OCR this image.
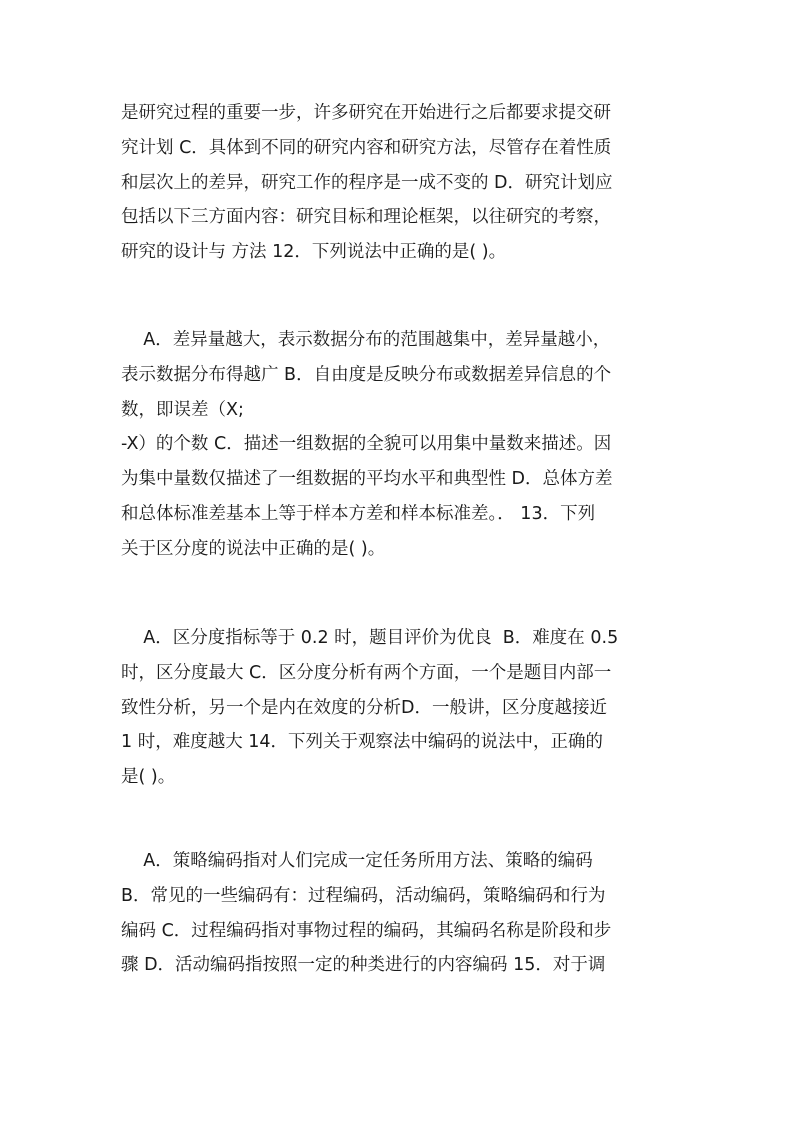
是研究过程的重要一步，许多研究在开始进行之后都要求提交研
究计划 C．具体到不同的研究内容和研究方法，尽管存在着性质
和层次上的差异，研究工作的程序是一成不变的 D．研究计划应
包括以下三方面内容：研究目标和理论框架，以往研究的考察，
研究的设计与 方法 12．下列说法中正确的是( )。
A．差异量越大，表示数据分布的范围越集中，差异量越小，
表示数据分布得越广 B．自由度是反映分布或数据差异信息的个
数，即误差（X;
-X）的个数 C．描述一组数据的全貌可以用集中量数来描述。因
为集中量数仅描述了一组数据的平均水平和典型性 D．总体方差
和总体标准差基本上等于样本方差和样本标准差。． 13．下列
关于区分度的说法中正确的是( )。
A．区分度指标等于 0.2 时，题目评价为优良  B．难度在 0.5
时，区分度最大 C．区分度分析有两个方面，一个是题目内部一
致性分析，另一个是内在效度的分析D．一般讲，区分度越接近
1 时，难度越大 14．下列关于观察法中编码的说法中，正确的
是( )。
A．策略编码指对人们完成一定任务所用方法、策略的编码
B．常见的一些编码有：过程编码，活动编码，策略编码和行为
编码 C．过程编码指对事物过程的编码，其编码名称是阶段和步
骤 D．活动编码指按照一定的种类进行的内容编码 15．对于调
